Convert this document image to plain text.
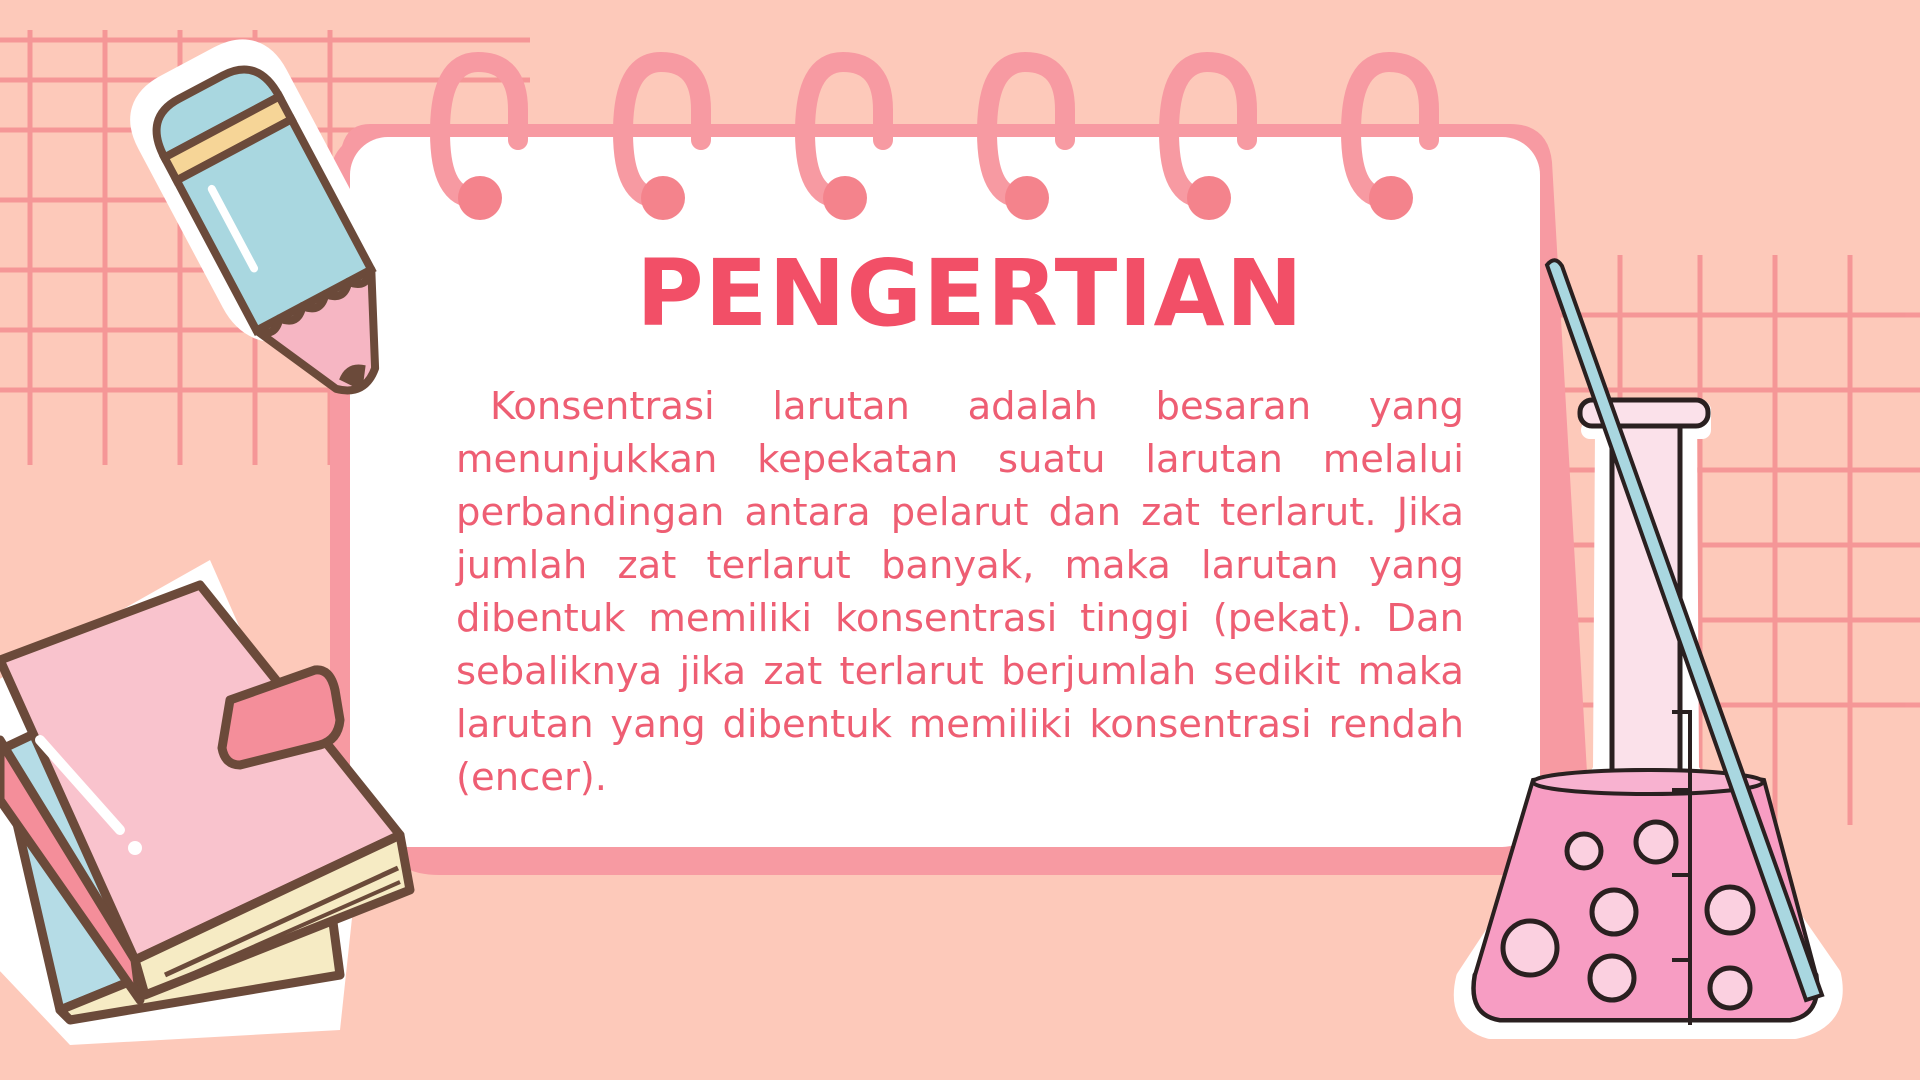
PENGERTIAN

Konsentrasi larutan adalah besaran yang menunjukkan kepekatan suatu larutan melalui perbandingan antara pelarut dan zat terlarut. Jika jumlah zat terlarut banyak, maka larutan yang dibentuk memiliki konsentrasi tinggi (pekat). Dan sebaliknya jika zat terlarut berjumlah sedikit maka larutan yang dibentuk memiliki konsentrasi rendah (encer).
